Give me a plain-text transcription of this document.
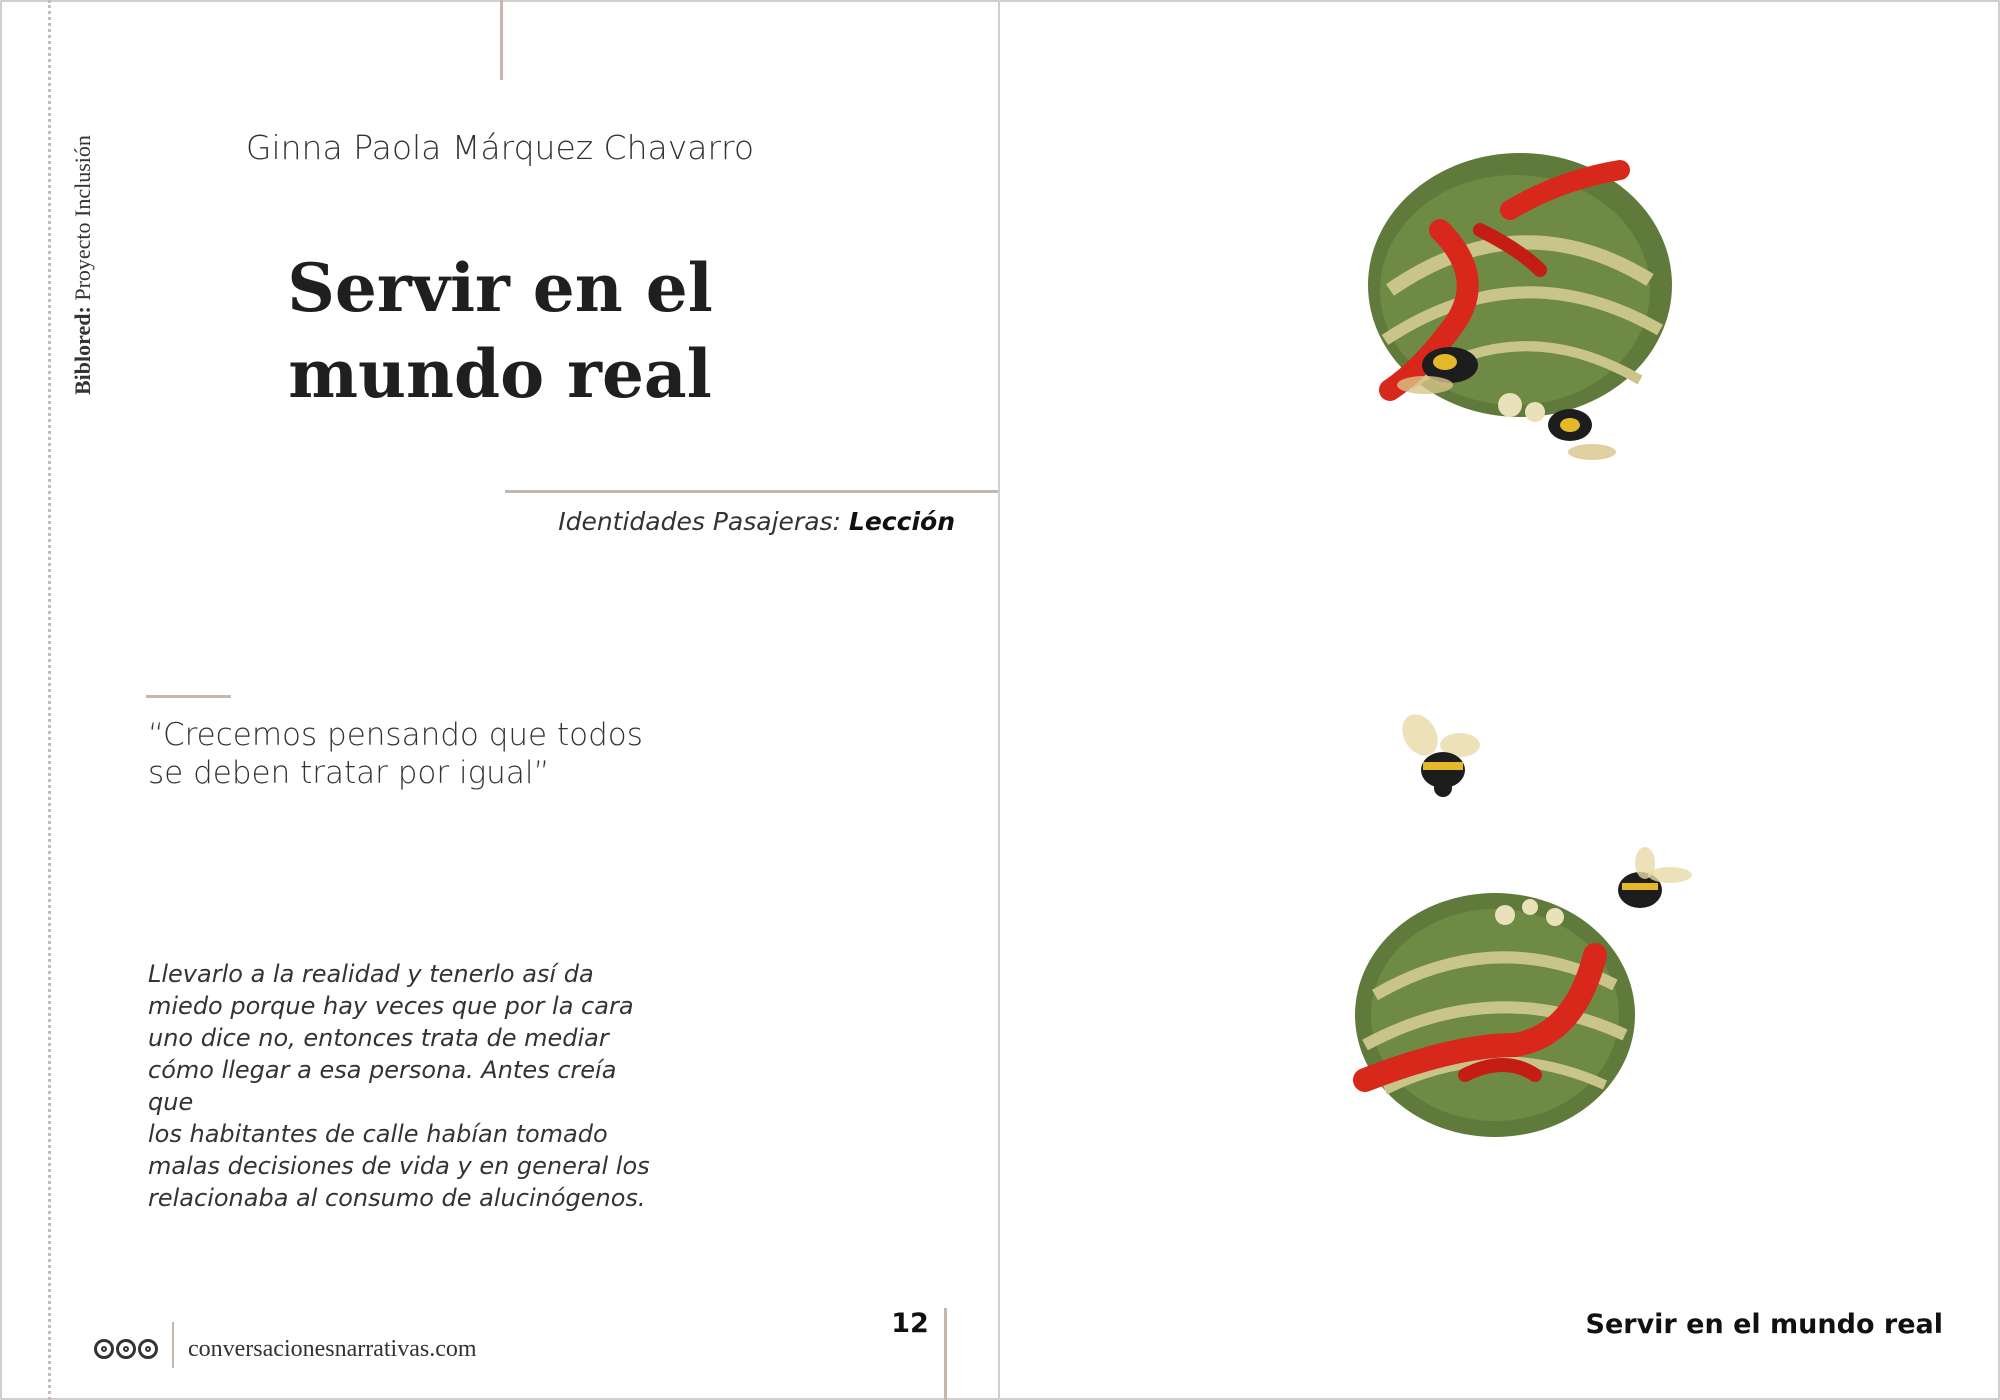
Biblored: Proyecto Inclusión	Ginna Paola Márquez Chavarro
Servir en el
mundo real
Identidades Pasajeras: Lección
“Crecemos pensando que todos
se deben tratar por igual”
Llevarlo a la realidad y tenerlo así da
miedo porque hay veces que por la cara
uno dice no, entonces trata de mediar
cómo llegar a esa persona. Antes creía que
los habitantes de calle habían tomado
malas decisiones de vida y en general los
relacionaba al consumo de alucinógenos.
conversacionesnarrativas.com
12	Servir en el mundo real
